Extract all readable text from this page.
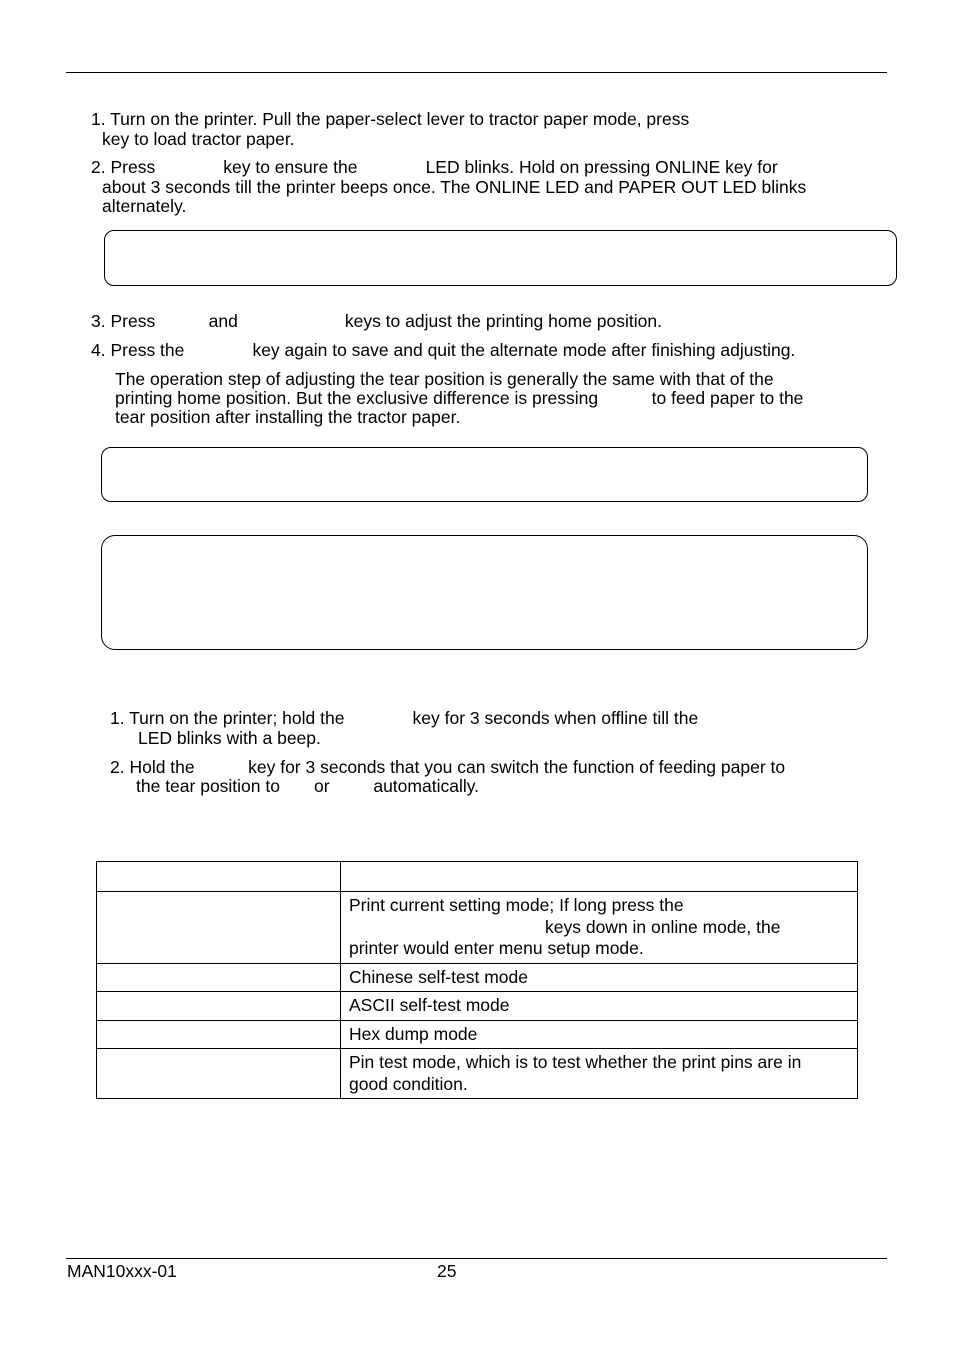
1. Turn on the printer. Pull the paper-select lever to tractor paper mode, press

key to load tractor paper.

2. Press              key to ensure the              LED blinks. Hold on pressing ONLINE key for

about 3 seconds till the printer beeps once. The ONLINE LED and PAPER OUT LED blinks

alternately.

3. Press           and                      keys to adjust the printing home position.

4. Press the              key again to save and quit the alternate mode after finishing adjusting.

The operation step of adjusting the tear position is generally the same with that of the

printing home position. But the exclusive difference is pressing           to feed paper to the

tear position after installing the tractor paper.

1. Turn on the printer; hold the              key for 3 seconds when offline till the

LED blinks with a beep.

2. Hold the           key for 3 seconds that you can switch the function of feeding paper to

the tear position to       or         automatically.

	Print current setting mode; If long press the
keys down in online mode, the
printer would enter menu setup mode.

	Chinese self-test mode

	ASCII self-test mode

	Hex dump mode

	Pin test mode, which is to test whether the print pins are in
good condition.
MAN10xxx-01	25
